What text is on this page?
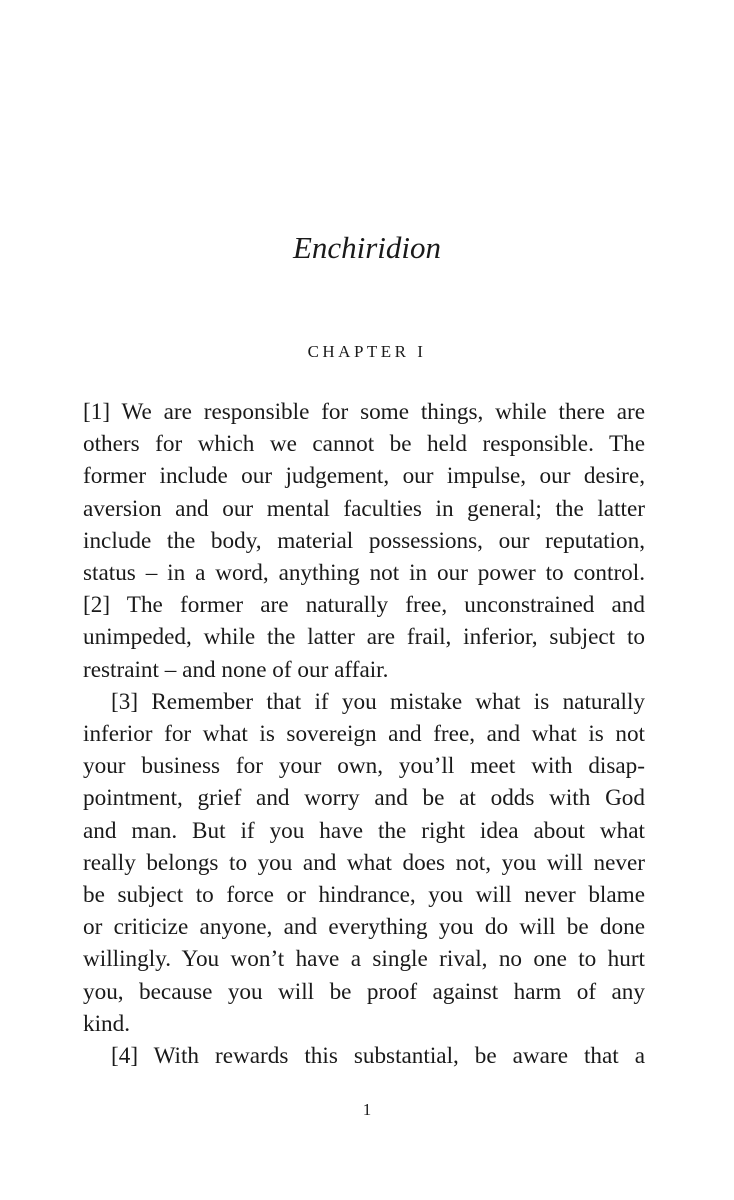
Enchiridion
CHAPTER I

[1] We are responsible for some things, while there are
others for which we cannot be held responsible. The
former include our judgement, our impulse, our desire,
aversion and our mental faculties in general; the latter
include the body, material possessions, our reputation,
status – in a word, anything not in our power to control.
[2] The former are naturally free, unconstrained and
unimpeded, while the latter are frail, inferior, subject to
restraint – and none of our affair.

[3] Remember that if you mistake what is naturally
inferior for what is sovereign and free, and what is not
your business for your own, you’ll meet with disap-
pointment, grief and worry and be at odds with God
and man. But if you have the right idea about what
really belongs to you and what does not, you will never
be subject to force or hindrance, you will never blame
or criticize anyone, and everything you do will be done
willingly. You won’t have a single rival, no one to hurt
you, because you will be proof against harm of any
kind.

[4] With rewards this substantial, be aware that a

1
